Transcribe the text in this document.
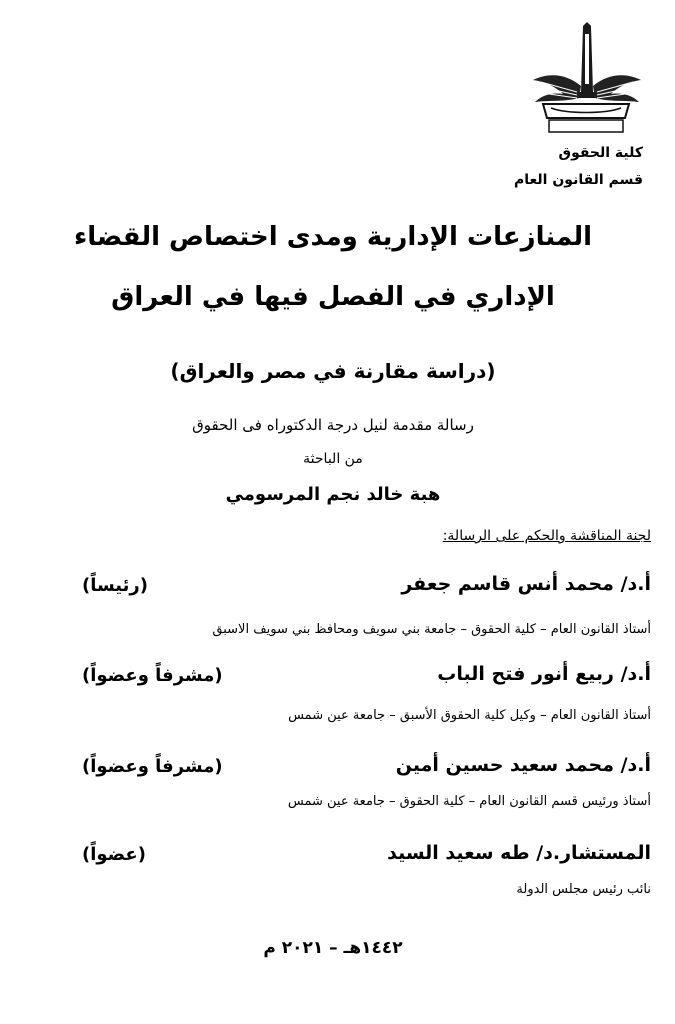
كلية الحقوق
قسم القانون العام
المنازعات الإدارية ومدى اختصاص القضاء
الإداري في الفصل فيها في العراق
(دراسة مقارنة في مصر والعراق)
رسالة مقدمة لنيل درجة الدكتوراه فى الحقوق
من الباحثة
هبة خالد نجم المرسومي
لجنة المناقشة والحكم على الرسالة:
أ.د/ محمد أنس قاسم جعفر
(رئيساً)
أستاذ القانون العام – كلية الحقوق – جامعة بني سويف ومحافظ بني سويف الاسبق
أ.د/ ربيع أنور فتح الباب
(مشرفاً وعضواً)
أستاذ القانون العام – وكيل كلية الحقوق الأسبق – جامعة عين شمس
أ.د/ محمد سعيد حسين أمين
(مشرفاً وعضواً)
أستاذ ورئيس قسم القانون العام – كلية الحقوق – جامعة عين شمس
المستشار.د/ طه سعيد السيد
(عضواً)
نائب رئيس مجلس الدولة
١٤٤٢هـ – ٢٠٢١ م
